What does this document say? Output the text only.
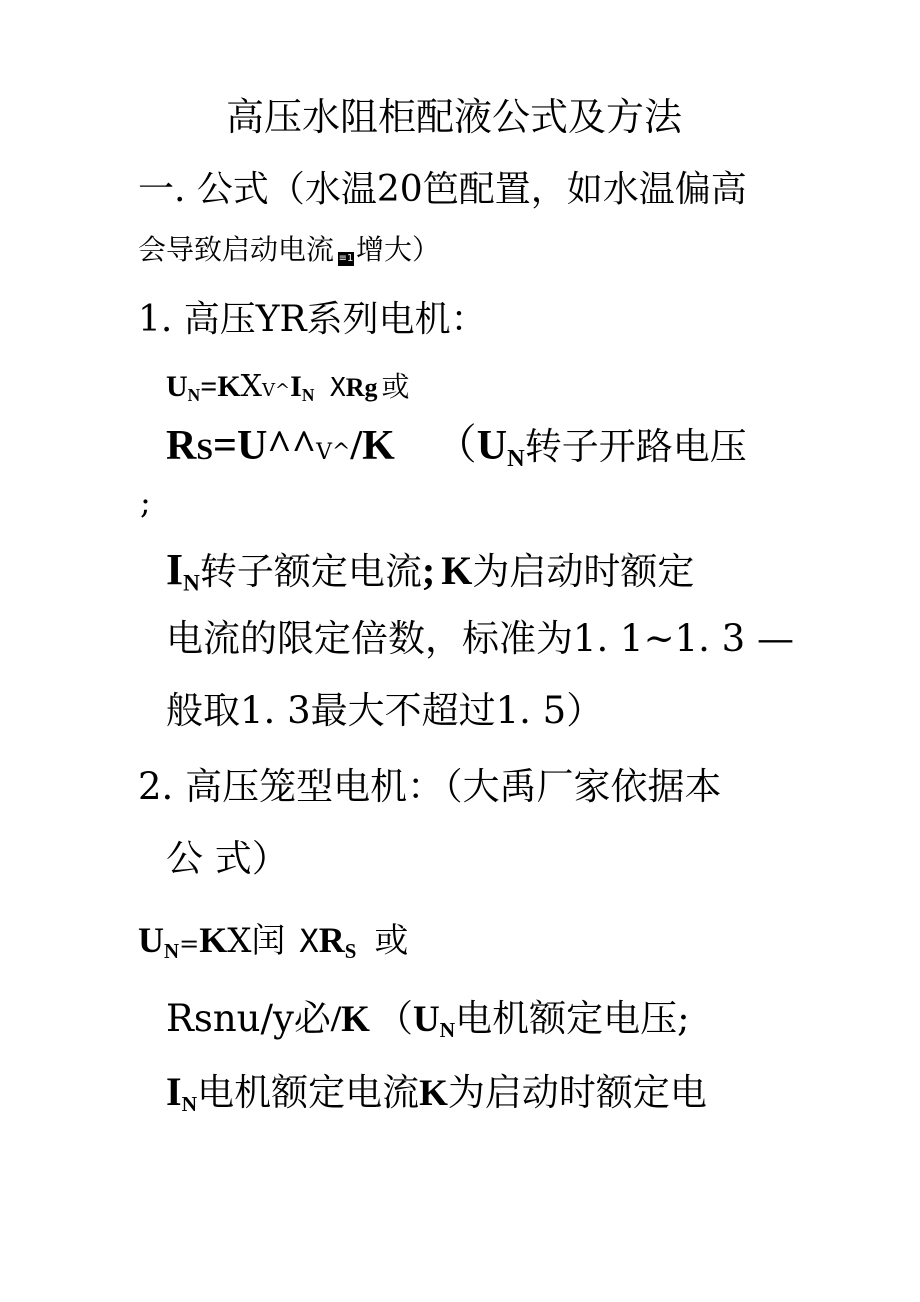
高压水阻柜配液公式及方法
一. 公式（水温20笆配置，如水温偏高
会导致启动电流 ≡1增大）
1. 高压YR系列电机：
$U_N=KXV\^{}I_N$ XRg 或
RS=U^^V^/K （$U_N$转子开路电压
;
$I_N$转子额定电流; K为启动时额定
电流的限定倍数，标准为1. 1~1. 3 —
般取1. 3最大不超过1. 5）
2. 高压笼型电机：（大禹厂家依据本
公 式）
$U_N=KX$闰 $XR_S$ 或
Rsnu/y必/K （$U_N$电机额定电压;
$I_N$电机额定电流K为启动时额定电
